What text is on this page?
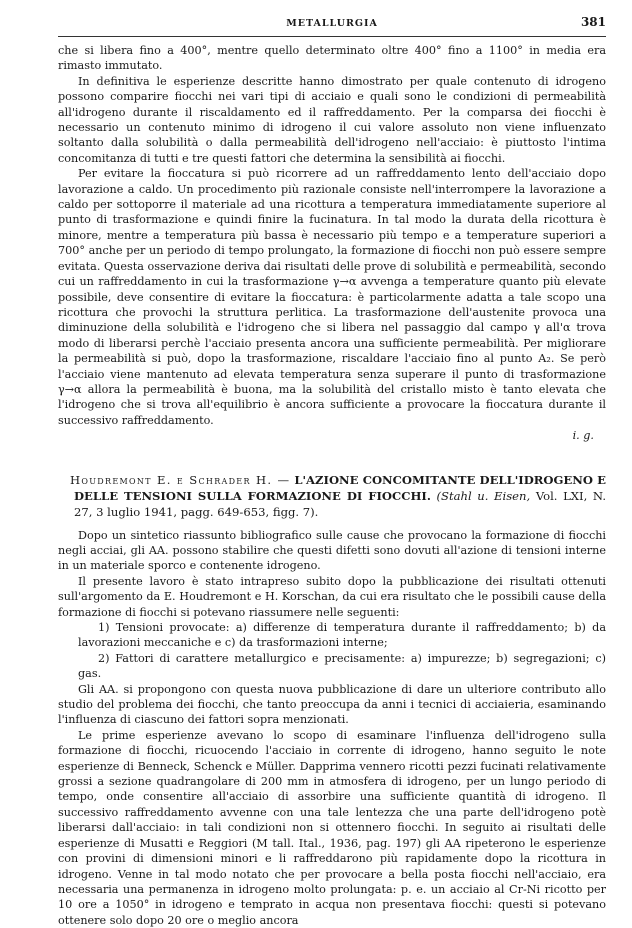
METALLURGIA	381

che si libera fino a 400°, mentre quello determinato oltre 400° fino a 1100° in media era rimasto immutato.

In definitiva le esperienze descritte hanno dimostrato per quale contenuto di idrogeno possono comparire fiocchi nei vari tipi di acciaio e quali sono le condizioni di permeabilità all'idrogeno durante il riscaldamento ed il raffreddamento. Per la comparsa dei fiocchi è necessario un contenuto minimo di idrogeno il cui valore assoluto non viene influenzato soltanto dalla solubilità o dalla permeabilità dell'idrogeno nell'acciaio: è piuttosto l'intima concomitanza di tutti e tre questi fattori che determina la sensibilità ai fiocchi.

Per evitare la fioccatura si può ricorrere ad un raffreddamento lento dell'acciaio dopo lavorazione a caldo. Un procedimento più razionale consiste nell'interrompere la lavorazione a caldo per sottoporre il materiale ad una ricottura a temperatura immediatamente superiore al punto di trasformazione e quindi finire la fucinatura. In tal modo la durata della ricottura è minore, mentre a temperatura più bassa è necessario più tempo e a temperature superiori a 700° anche per un periodo di tempo prolungato, la formazione di fiocchi non può essere sempre evitata. Questa osservazione deriva dai risultati delle prove di solubilità e permeabilità, secondo cui un raffreddamento in cui la trasformazione γ→α avvenga a temperature quanto più elevate possibile, deve consentire di evitare la fioccatura: è particolarmente adatta a tale scopo una ricottura che provochi la struttura perlitica. La trasformazione dell'austenite provoca una diminuzione della solubilità e l'idrogeno che si libera nel passaggio dal campo γ all'α trova modo di liberarsi perchè l'acciaio presenta ancora una sufficiente permeabilità. Per migliorare la permeabilità si può, dopo la trasformazione, riscaldare l'acciaio fino al punto A₂. Se però l'acciaio viene mantenuto ad elevata temperatura senza superare il punto di trasformazione γ→α allora la permeabilità è buona, ma la solubilità del cristallo misto è tanto elevata che l'idrogeno che si trova all'equilibrio è ancora sufficiente a provocare la fioccatura durante il successivo raffreddamento.

i. g.

Houdremont E. e Schrader H. — L'AZIONE CONCOMITANTE DELL'IDROGENO E DELLE TENSIONI SULLA FORMAZIONE DI FIOCCHI. (Stahl u. Eisen, Vol. LXI, N. 27, 3 luglio 1941, pagg. 649-653, figg. 7).

Dopo un sintetico riassunto bibliografico sulle cause che provocano la formazione di fiocchi negli acciai, gli AA. possono stabilire che questi difetti sono dovuti all'azione di tensioni interne in un materiale sporco e contenente idrogeno.

Il presente lavoro è stato intrapreso subito dopo la pubblicazione dei risultati ottenuti sull'argomento da E. Houdremont e H. Korschan, da cui era risultato che le possibili cause della formazione di fiocchi si potevano riassumere nelle seguenti:

1) Tensioni provocate: a) differenze di temperatura durante il raffreddamento; b) da lavorazioni meccaniche e c) da trasformazioni interne;

2) Fattori di carattere metallurgico e precisamente: a) impurezze; b) segregazioni; c) gas.

Gli AA. si propongono con questa nuova pubblicazione di dare un ulteriore contributo allo studio del problema dei fiocchi, che tanto preoccupa da anni i tecnici di acciaieria, esaminando l'influenza di ciascuno dei fattori sopra menzionati.

Le prime esperienze avevano lo scopo di esaminare l'influenza dell'idrogeno sulla formazione di fiocchi, ricuocendo l'acciaio in corrente di idrogeno, hanno seguito le note esperienze di Benneck, Schenck e Müller. Dapprima vennero ricotti pezzi fucinati relativamente grossi a sezione quadrangolare di 200 mm in atmosfera di idrogeno, per un lungo periodo di tempo, onde consentire all'acciaio di assorbire una sufficiente quantità di idrogeno. Il successivo raffreddamento avvenne con una tale lentezza che una parte dell'idrogeno potè liberarsi dall'acciaio: in tali condizioni non si ottennero fiocchi. In seguito ai risultati delle esperienze di Musatti e Reggiori (M tall. Ital., 1936, pag. 197) gli AA ripeterono le esperienze con provini di dimensioni minori e li raffreddarono più rapidamente dopo la ricottura in idrogeno. Venne in tal modo notato che per provocare a bella posta fiocchi nell'acciaio, era necessaria una permanenza in idrogeno molto prolungata: p. e. un acciaio al Cr-Ni ricotto per 10 ore a 1050° in idrogeno e temprato in acqua non presentava fiocchi: questi si potevano ottenere solo dopo 20 ore o meglio ancora
